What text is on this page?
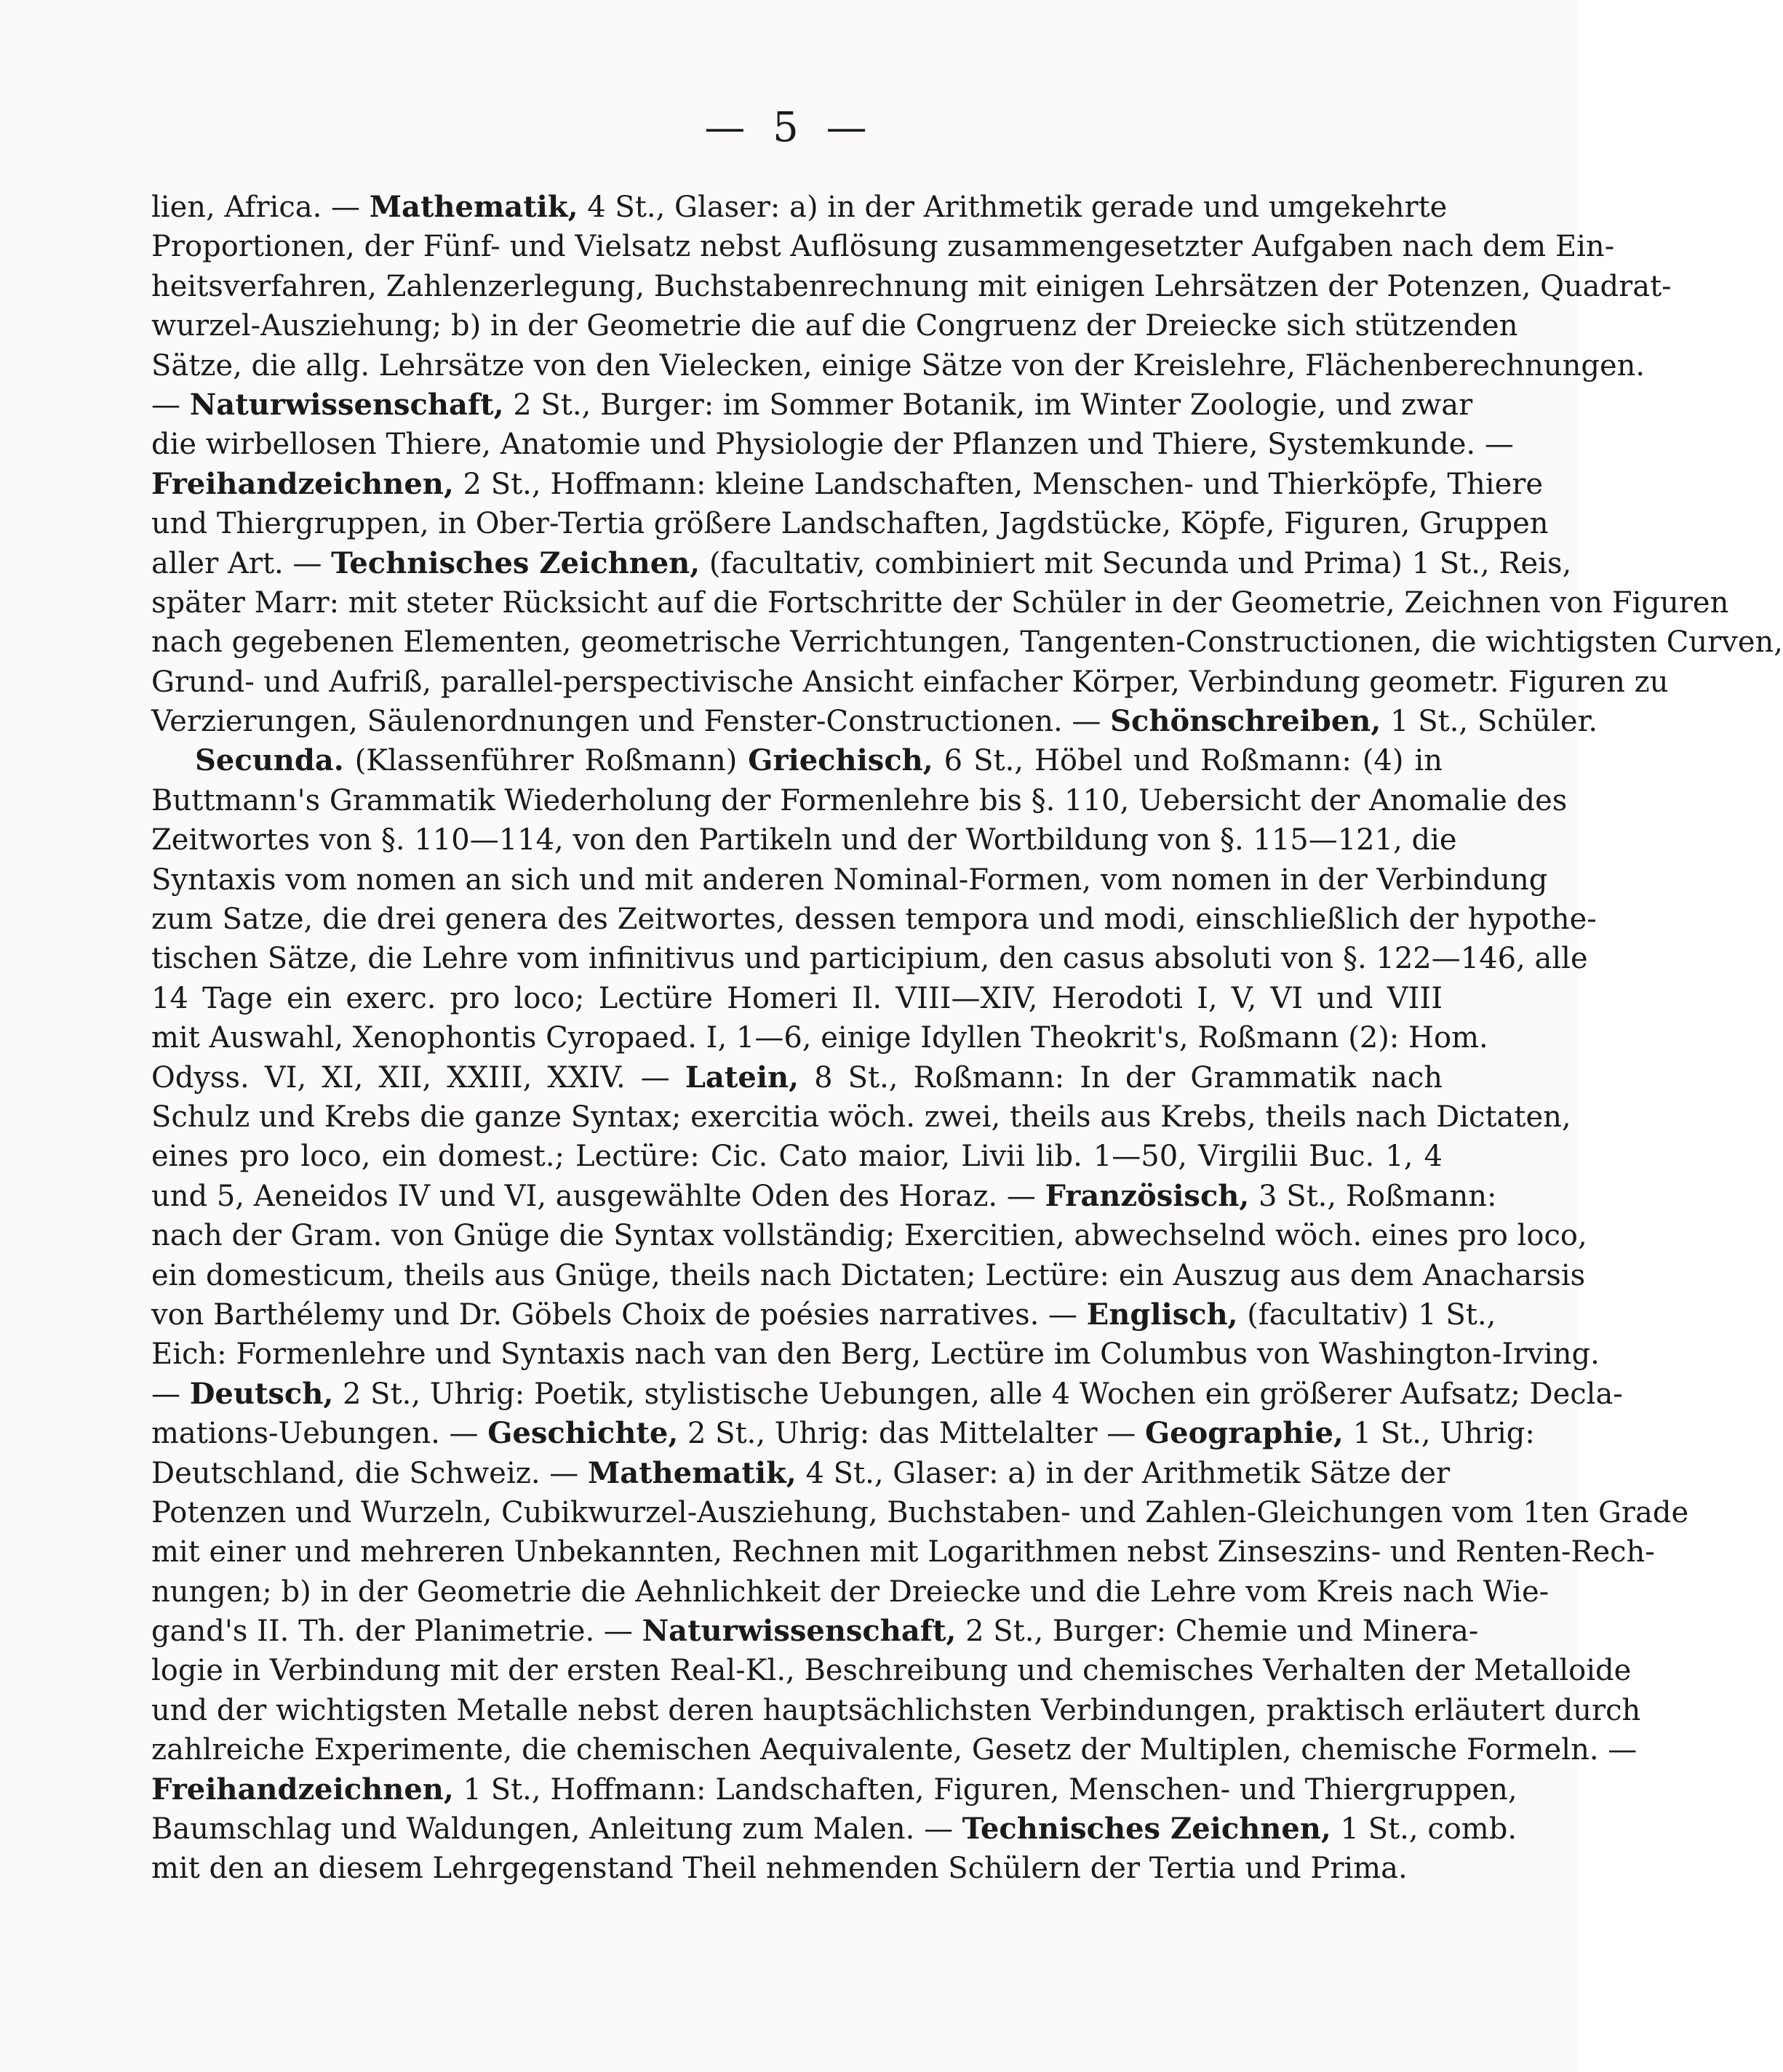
— 5 —
lien, Africa. — Mathematik, 4 St., Glaser: a) in der Arithmetik gerade und umgekehrte
Proportionen, der Fünf- und Vielsatz nebst Auflösung zusammengesetzter Aufgaben nach dem Ein-
heitsverfahren, Zahlenzerlegung, Buchstabenrechnung mit einigen Lehrsätzen der Potenzen, Quadrat-
wurzel-Ausziehung; b) in der Geometrie die auf die Congruenz der Dreiecke sich stützenden
Sätze, die allg. Lehrsätze von den Vielecken, einige Sätze von der Kreislehre, Flächenberechnungen.
— Naturwissenschaft, 2 St., Burger: im Sommer Botanik, im Winter Zoologie, und zwar
die wirbellosen Thiere, Anatomie und Physiologie der Pflanzen und Thiere, Systemkunde. —
Freihandzeichnen, 2 St., Hoffmann: kleine Landschaften, Menschen- und Thierköpfe, Thiere
und Thiergruppen, in Ober-Tertia größere Landschaften, Jagdstücke, Köpfe, Figuren, Gruppen
aller Art. — Technisches Zeichnen, (facultativ, combiniert mit Secunda und Prima) 1 St., Reis,
später Marr: mit steter Rücksicht auf die Fortschritte der Schüler in der Geometrie, Zeichnen von Figuren
nach gegebenen Elementen, geometrische Verrichtungen, Tangenten-Constructionen, die wichtigsten Curven,
Grund- und Aufriß, parallel-perspectivische Ansicht einfacher Körper, Verbindung geometr. Figuren zu
Verzierungen, Säulenordnungen und Fenster-Constructionen. — Schönschreiben, 1 St., Schüler.
Secunda. (Klassenführer Roßmann) Griechisch, 6 St., Höbel und Roßmann: (4) in
Buttmann's Grammatik Wiederholung der Formenlehre bis §. 110, Uebersicht der Anomalie des
Zeitwortes von §. 110—114, von den Partikeln und der Wortbildung von §. 115—121, die
Syntaxis vom nomen an sich und mit anderen Nominal-Formen, vom nomen in der Verbindung
zum Satze, die drei genera des Zeitwortes, dessen tempora und modi, einschließlich der hypothe-
tischen Sätze, die Lehre vom infinitivus und participium, den casus absoluti von §. 122—146, alle
14 Tage ein exerc. pro loco; Lectüre Homeri Il. VIII—XIV, Herodoti I, V, VI und VIII
mit Auswahl, Xenophontis Cyropaed. I, 1—6, einige Idyllen Theokrit's, Roßmann (2): Hom.
Odyss. VI, XI, XII, XXIII, XXIV. — Latein, 8 St., Roßmann: In der Grammatik nach
Schulz und Krebs die ganze Syntax; exercitia wöch. zwei, theils aus Krebs, theils nach Dictaten,
eines pro loco, ein domest.; Lectüre: Cic. Cato maior, Livii lib. 1—50, Virgilii Buc. 1, 4
und 5, Aeneidos IV und VI, ausgewählte Oden des Horaz. — Französisch, 3 St., Roßmann:
nach der Gram. von Gnüge die Syntax vollständig; Exercitien, abwechselnd wöch. eines pro loco,
ein domesticum, theils aus Gnüge, theils nach Dictaten; Lectüre: ein Auszug aus dem Anacharsis
von Barthélemy und Dr. Göbels Choix de poésies narratives. — Englisch, (facultativ) 1 St.,
Eich: Formenlehre und Syntaxis nach van den Berg, Lectüre im Columbus von Washington-Irving.
— Deutsch, 2 St., Uhrig: Poetik, stylistische Uebungen, alle 4 Wochen ein größerer Aufsatz; Decla-
mations-Uebungen. — Geschichte, 2 St., Uhrig: das Mittelalter — Geographie, 1 St., Uhrig:
Deutschland, die Schweiz. — Mathematik, 4 St., Glaser: a) in der Arithmetik Sätze der
Potenzen und Wurzeln, Cubikwurzel-Ausziehung, Buchstaben- und Zahlen-Gleichungen vom 1ten Grade
mit einer und mehreren Unbekannten, Rechnen mit Logarithmen nebst Zinseszins- und Renten-Rech-
nungen; b) in der Geometrie die Aehnlichkeit der Dreiecke und die Lehre vom Kreis nach Wie-
gand's II. Th. der Planimetrie. — Naturwissenschaft, 2 St., Burger: Chemie und Minera-
logie in Verbindung mit der ersten Real-Kl., Beschreibung und chemisches Verhalten der Metalloide
und der wichtigsten Metalle nebst deren hauptsächlichsten Verbindungen, praktisch erläutert durch
zahlreiche Experimente, die chemischen Aequivalente, Gesetz der Multiplen, chemische Formeln. —
Freihandzeichnen, 1 St., Hoffmann: Landschaften, Figuren, Menschen- und Thiergruppen,
Baumschlag und Waldungen, Anleitung zum Malen. — Technisches Zeichnen, 1 St., comb.
mit den an diesem Lehrgegenstand Theil nehmenden Schülern der Tertia und Prima.
